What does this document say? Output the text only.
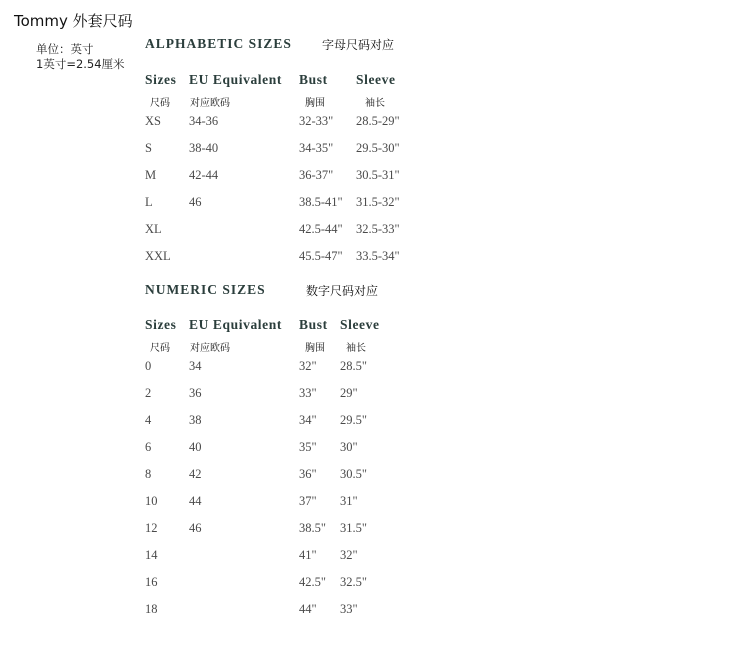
Tommy 外套尺码
单位：英寸
1英寸=2.54厘米
ALPHABETIC SIZES	字母尺码对应
Sizes EU Equivalent Bust Sleeve
尺码 对应欧码	胸围	袖长
XS 34-36	32-33" 28.5-29"
S	38-40	34-35" 29.5-30"
M	42-44	36-37" 30.5-31"
L	46	38.5-41" 31.5-32"
XL	42.5-44" 32.5-33"
XXL	45.5-47" 33.5-34"
NUMERIC SIZES	数字尺码对应
Sizes EU Equivalent Bust Sleeve
尺码 对应欧码	胸围 袖长
0	34	32" 28.5"
2	36	33" 29"
4	38	34" 29.5"
6	40	35" 30"
8	42	36" 30.5"
10	44	37" 31"
12	46	38.5" 31.5"
14	41" 32"
16	42.5" 32.5"
18	44" 33"
